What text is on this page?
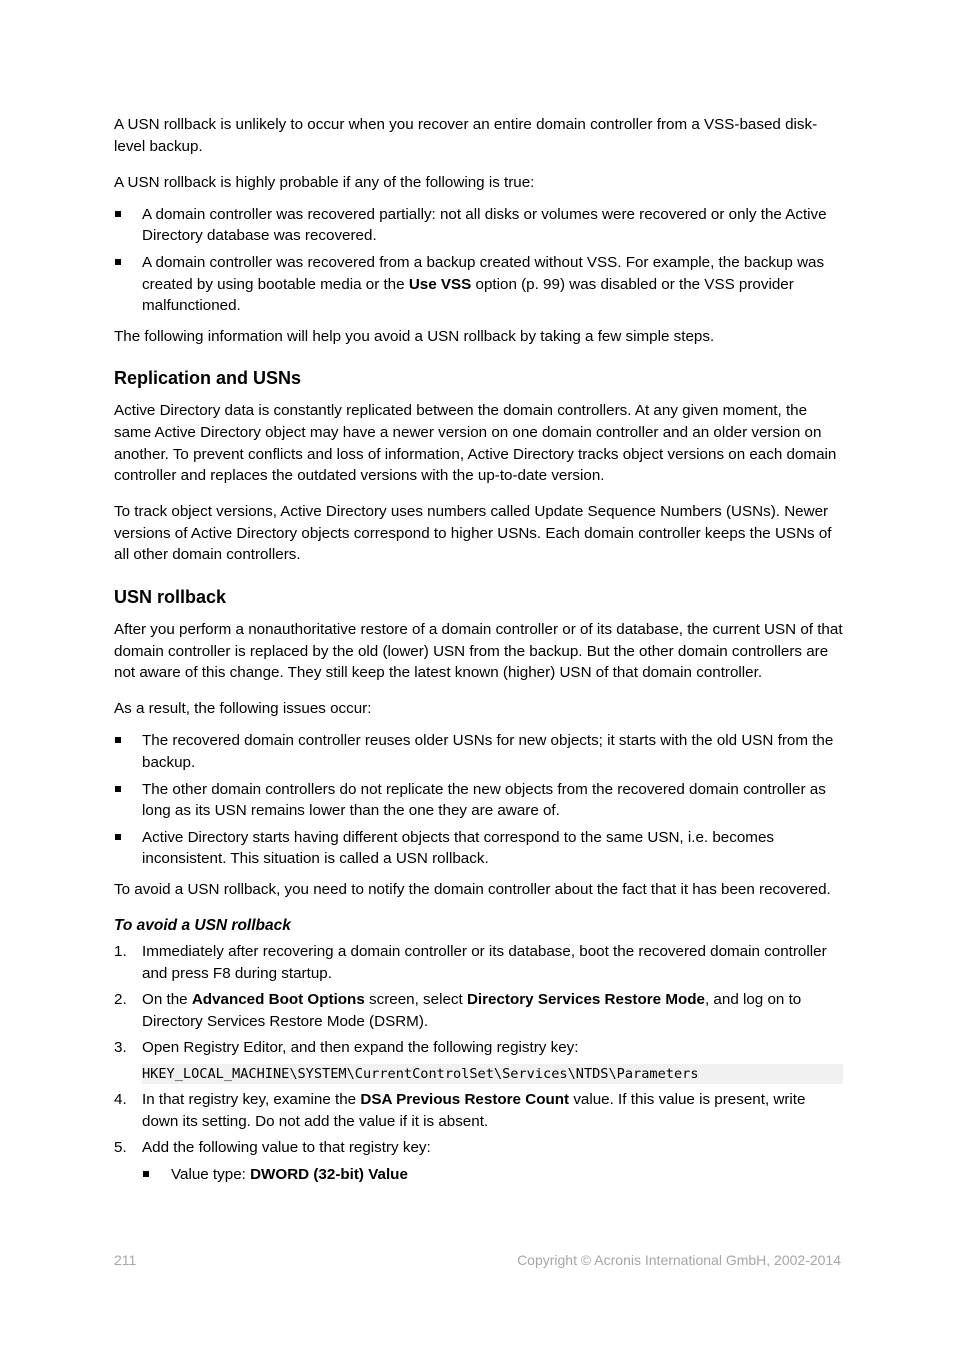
A USN rollback is unlikely to occur when you recover an entire domain controller from a VSS-based disk-level backup.

A USN rollback is highly probable if any of the following is true:

A domain controller was recovered partially: not all disks or volumes were recovered or only the Active Directory database was recovered.
A domain controller was recovered from a backup created without VSS. For example, the backup was created by using bootable media or the Use VSS option (p. 99) was disabled or the VSS provider malfunctioned.

The following information will help you avoid a USN rollback by taking a few simple steps.

Replication and USNs

Active Directory data is constantly replicated between the domain controllers. At any given moment, the same Active Directory object may have a newer version on one domain controller and an older version on another. To prevent conflicts and loss of information, Active Directory tracks object versions on each domain controller and replaces the outdated versions with the up-to-date version.

To track object versions, Active Directory uses numbers called Update Sequence Numbers (USNs). Newer versions of Active Directory objects correspond to higher USNs. Each domain controller keeps the USNs of all other domain controllers.

USN rollback

After you perform a nonauthoritative restore of a domain controller or of its database, the current USN of that domain controller is replaced by the old (lower) USN from the backup. But the other domain controllers are not aware of this change. They still keep the latest known (higher) USN of that domain controller.

As a result, the following issues occur:

The recovered domain controller reuses older USNs for new objects; it starts with the old USN from the backup.
The other domain controllers do not replicate the new objects from the recovered domain controller as long as its USN remains lower than the one they are aware of.
Active Directory starts having different objects that correspond to the same USN, i.e. becomes inconsistent. This situation is called a USN rollback.

To avoid a USN rollback, you need to notify the domain controller about the fact that it has been recovered.

To avoid a USN rollback
1. Immediately after recovering a domain controller or its database, boot the recovered domain controller and press F8 during startup.
2. On the Advanced Boot Options screen, select Directory Services Restore Mode, and log on to Directory Services Restore Mode (DSRM).
3. Open Registry Editor, and then expand the following registry key:
HKEY_LOCAL_MACHINE\SYSTEM\CurrentControlSet\Services\NTDS\Parameters
4. In that registry key, examine the DSA Previous Restore Count value. If this value is present, write down its setting. Do not add the value if it is absent.
5. Add the following value to that registry key:
Value type: DWORD (32-bit) Value
211	Copyright © Acronis International GmbH, 2002-2014
